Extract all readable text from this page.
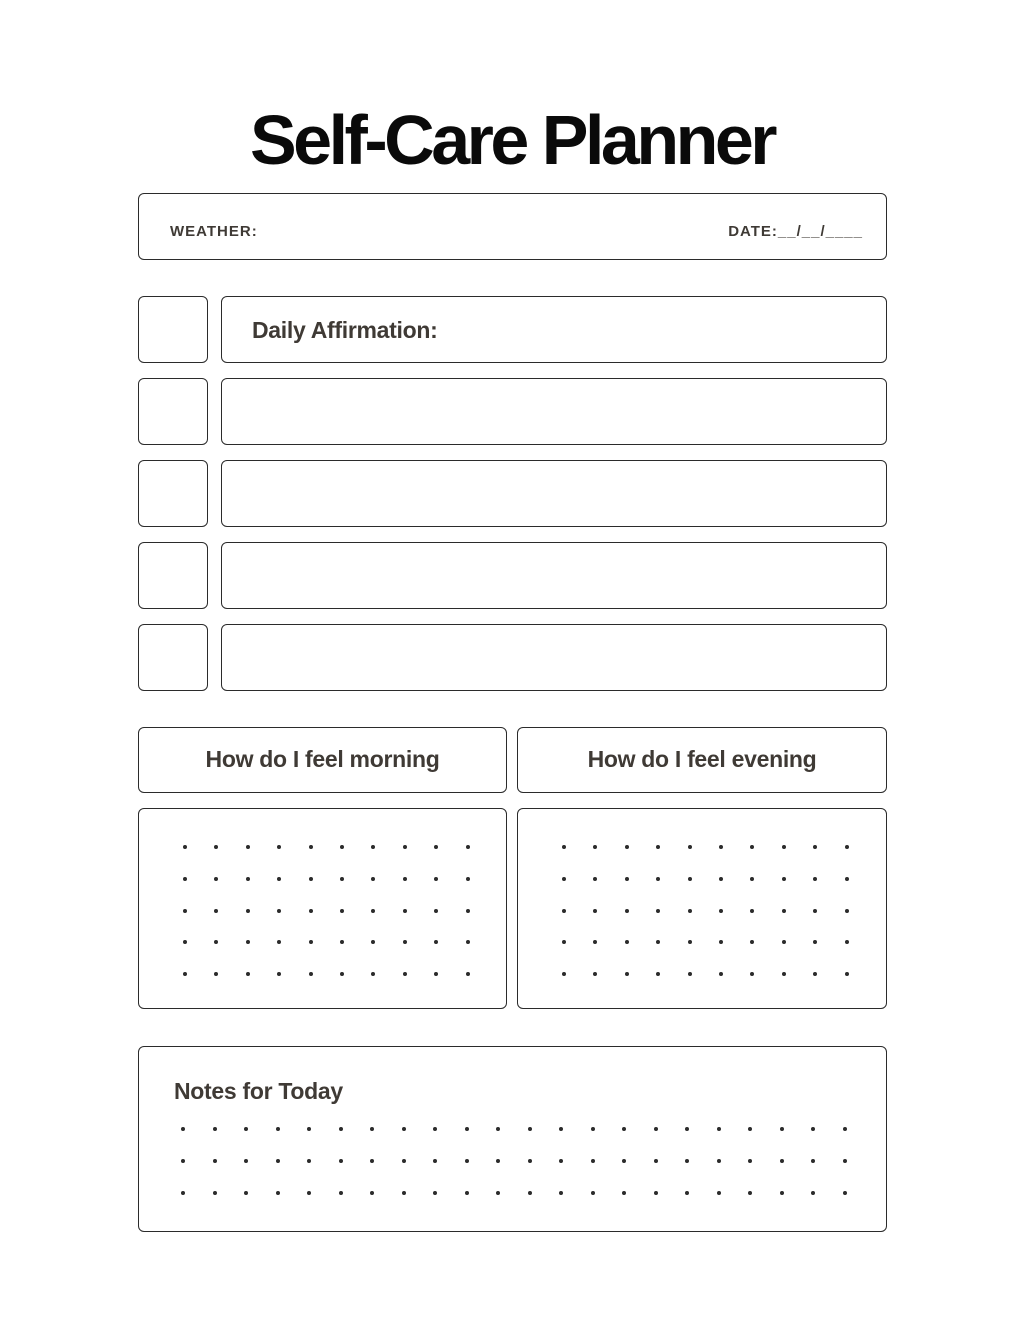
Self-Care Planner
WEATHER:	DATE:__/__/____
Daily Affirmation:
How do I feel morning	How do I feel evening
Notes for Today
